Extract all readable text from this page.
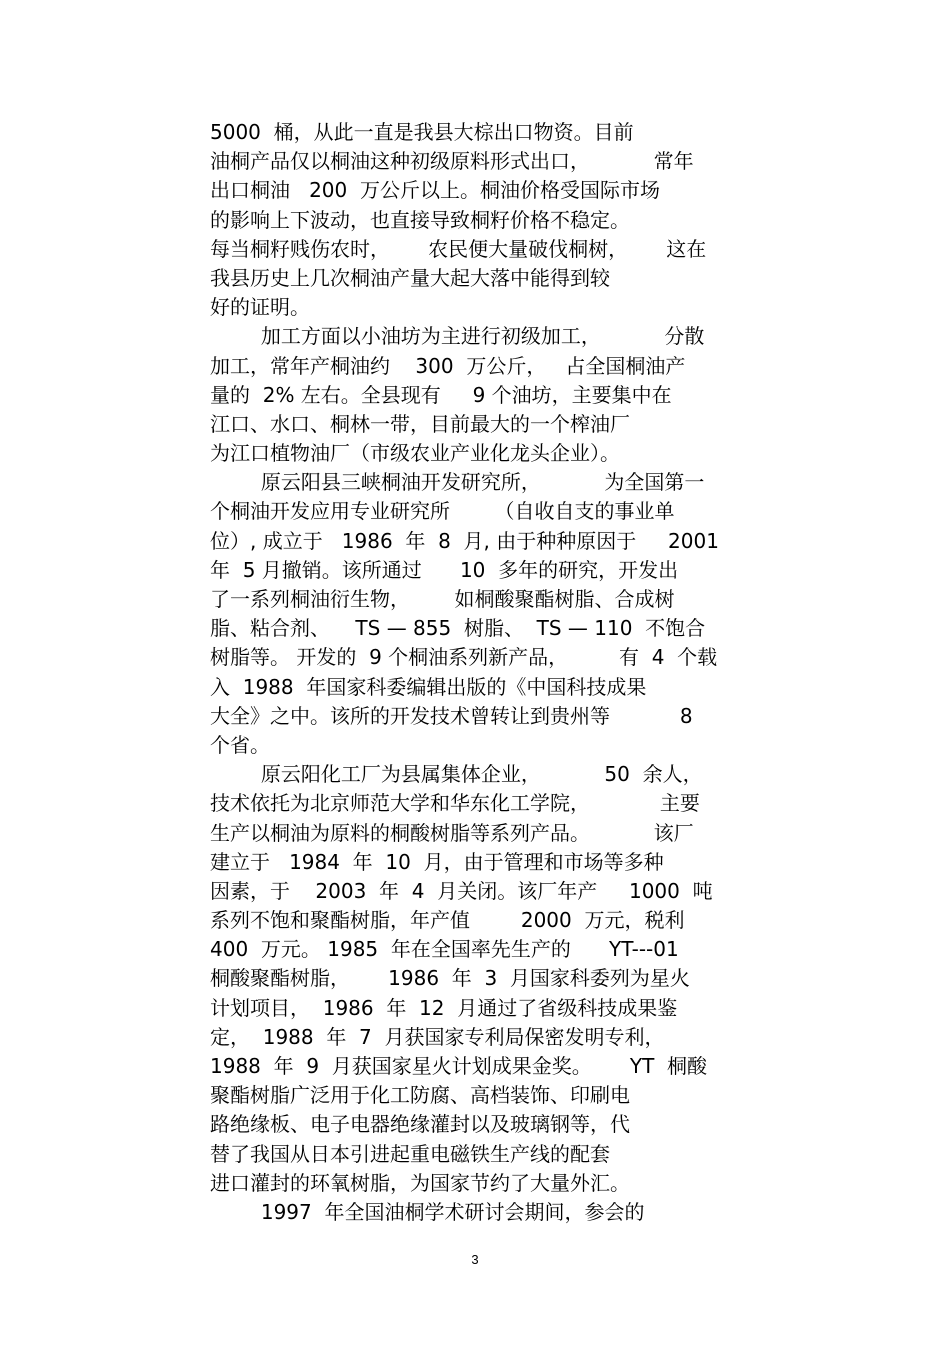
5000  桶，从此一直是我县大棕出口物资。目前
油桐产品仅以桐油这种初级原料形式出口，          常年
出口桐油   200  万公斤以上。桐油价格受国际市场
的影响上下波动，也直接导致桐籽价格不稳定。
每当桐籽贱伤农时，      农民便大量破伐桐树，      这在
我县历史上几次桐油产量大起大落中能得到较
好的证明。
加工方面以小油坊为主进行初级加工，          分散
加工，常年产桐油约    300  万公斤，   占全国桐油产
量的  2% 左右。全县现有     9 个油坊，主要集中在
江口、水口、桐林一带，目前最大的一个榨油厂
为江口植物油厂（市级农业产业化龙头企业）。
原云阳县三峡桐油开发研究所，          为全国第一
个桐油开发应用专业研究所       （自收自支的事业单
位）, 成立于   1986  年  8  月, 由于种种原因于     2001
年  5 月撤销。该所通过      10  多年的研究，开发出
了一系列桐油衍生物，       如桐酸聚酯树脂、合成树
脂、粘合剂、    TS — 855  树脂、  TS — 110  不饱合
树脂等。 开发的  9 个桐油系列新产品，        有  4  个载
入  1988  年国家科委编辑出版的《中国科技成果
大全》之中。该所的开发技术曾转让到贵州等           8
个省。
原云阳化工厂为县属集体企业，          50  余人，
技术依托为北京师范大学和华东化工学院，           主要
生产以桐油为原料的桐酸树脂等系列产品。          该厂
建立于   1984  年  10  月，由于管理和市场等多种
因素，于    2003  年  4  月关闭。该厂年产     1000  吨
系列不饱和聚酯树脂，年产值        2000  万元，税利
400  万元。 1985  年在全国率先生产的      YT---01
桐酸聚酯树脂，      1986  年  3  月国家科委列为星火
计划项目，  1986  年  12  月通过了省级科技成果鉴
定，  1988  年  7  月获国家专利局保密发明专利，
1988  年  9  月获国家星火计划成果金奖。      YT  桐酸
聚酯树脂广泛用于化工防腐、高档装饰、印刷电
路绝缘板、电子电器绝缘灌封以及玻璃钢等，代
替了我国从日本引进起重电磁铁生产线的配套
进口灌封的环氧树脂，为国家节约了大量外汇。
1997  年全国油桐学术研讨会期间，参会的
3
